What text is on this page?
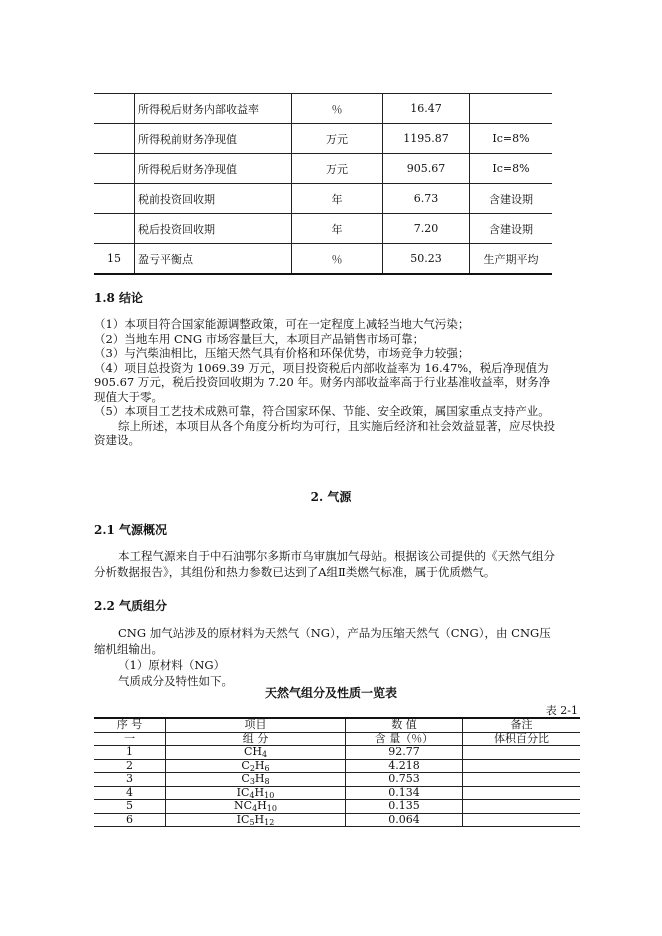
	所得税后财务内部收益率	％	16.47	
	所得税前财务净现值	万元	1195.87	Ic=8%
	所得税后财务净现值	万元	905.67	Ic=8%
	税前投资回收期	年	6.73	含建设期
	税后投资回收期	年	7.20	含建设期
15	盈亏平衡点	％	50.23	生产期平均
1.8 结论

（1）本项目符合国家能源调整政策，可在一定程度上减轻当地大气污染；

（2）当地车用 CNG 市场容量巨大，本项目产品销售市场可靠；

（3）与汽柴油相比，压缩天然气具有价格和环保优势，市场竞争力较强；

（4）项目总投资为 1069.39 万元，项目投资税后内部收益率为 16.47%，税后净现值为 905.67 万元，税后投资回收期为 7.20 年。财务内部收益率高于行业基准收益率，财务净现值大于零。

（5）本项目工艺技术成熟可靠，符合国家环保、节能、安全政策，属国家重点支持产业。

综上所述，本项目从各个角度分析均为可行，且实施后经济和社会效益显著，应尽快投资建设。

2. 气源
2.1 气源概况

本工程气源来自于中石油鄂尔多斯市乌审旗加气母站。根据该公司提供的《天然气组分分析数据报告》，其组份和热力参数已达到了A组Ⅱ类燃气标准，属于优质燃气。

2.2 气质组分

CNG 加气站涉及的原材料为天然气（NG），产品为压缩天然气（CNG），由 CNG压缩机组输出。

（1）原材料（NG）

气质成分及特性如下。

天然气组分及性质一览表
表 2-1
序 号	项目	数 值	备注
一	组 分	含 量（％）	体积百分比
1	$CH_4$	92.77	
2	$C_2H_6$	4.218	
3	$C_3H_8$	0.753	
4	$IC_4H_{10}$	0.134	
5	$NC_4H_{10}$	0.135	
6	$IC_5H_{12}$	0.064	
